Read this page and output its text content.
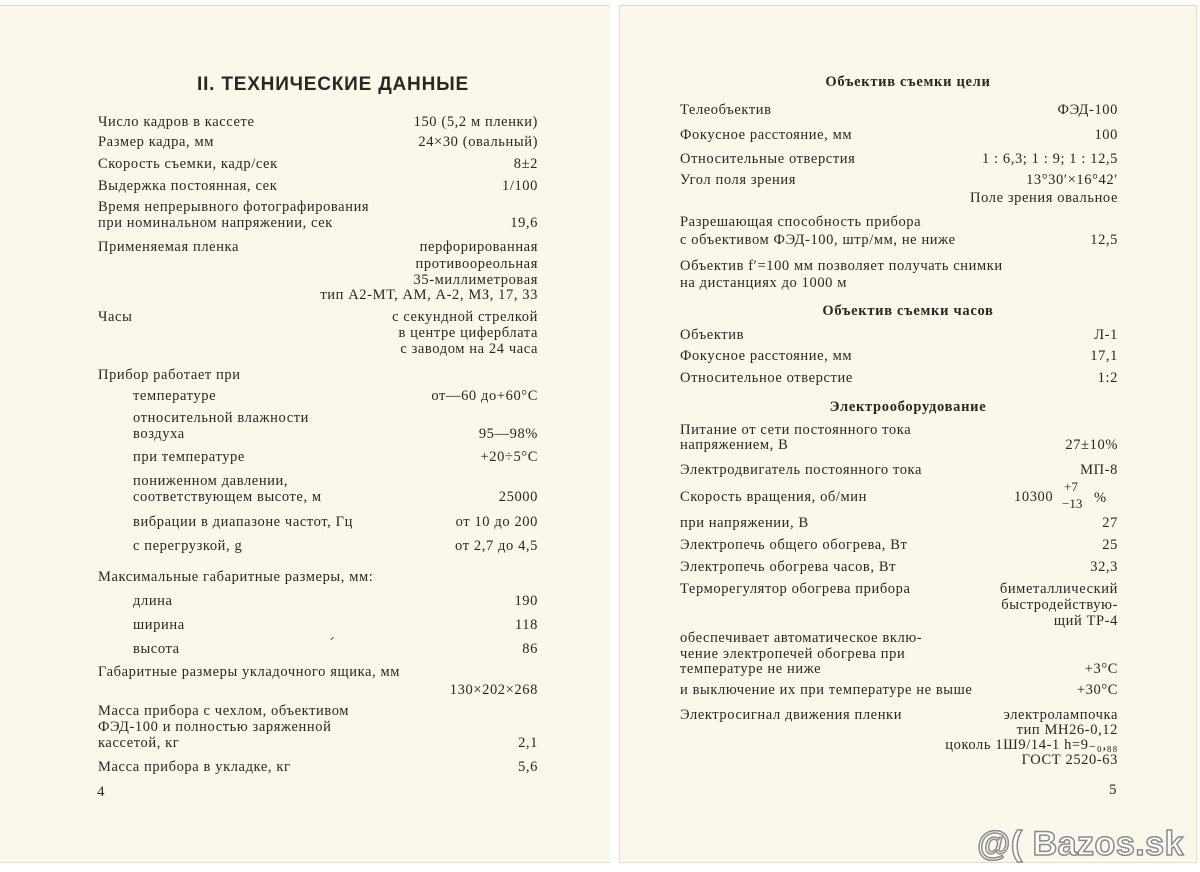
II. ТЕХНИЧЕСКИЕ ДАННЫЕ
Число кадров в кассете	150 (5,2 м пленки)
Размер кадра, мм	24×30 (овальный)
Скорость съемки, кадр/сек	8±2
Выдержка постоянная, сек	1/100
Время непрерывного фотографирования
при номинальном напряжении, сек	19,6
Применяемая пленка	перфорированная
противоореольная
35-миллиметровая
тип А2-МТ, АМ, А-2, МЗ, 17, 33
Часы	с секундной стрелкой
в центре циферблата
с заводом на 24 часа
Прибор работает при
температуре	от—60 до+60°С
относительной влажности
воздуха	95—98%
при температуре	+20÷5°С
пониженном давлении,
соответствующем высоте, м	25000
вибрации в диапазоне частот, Гц	от 10 до 200
с перегрузкой, g	от 2,7 до 4,5
Максимальные габаритные размеры, мм:
длина	190
ширина	118
высота	86
Габаритные размеры укладочного ящика, мм
130×202×268
Масса прибора с чехлом, объективом
ФЭД-100 и полностью заряженной
кассетой, кг	2,1
Масса прибора в укладке, кг	5,6
4
Объектив съемки цели
Телеобъектив	ФЭД-100
Фокусное расстояние, мм	100
Относительные отверстия	1 : 6,3; 1 : 9; 1 : 12,5
Угол поля зрения	13°30′×16°42′
Поле зрения овальное
Разрешающая способность прибора
с объективом ФЭД-100, штр/мм, не ниже	12,5
Объектив f′=100 мм позволяет получать снимки
на дистанциях до 1000 м
Объектив съемки часов
Объектив	Л-1
Фокусное расстояние, мм	17,1
Относительное отверстие	1:2
Электрооборудование
Питание от сети постоянного тока
напряжением, В	27±10%
Электродвигатель постоянного тока	МП-8
Скорость вращения, об/мин	10300
+7
−13 %
при напряжении, В	27
Электропечь общего обогрева, Вт	25
Электропечь обогрева часов, Вт	32,3
Терморегулятор обогрева прибора	биметаллический
быстродействую-
щий ТР-4
обеспечивает автоматическое вклю-
чение электропечей обогрева при
температуре не ниже	+3°С
и выключение их при температуре не выше	+30°С
Электросигнал движения пленки	электролампочка
тип МН26-0,12
цоколь 1Ш9/14-1 h=9₋₀,₈₈
ГОСТ 2520-63
5
@( Bazos.sk
